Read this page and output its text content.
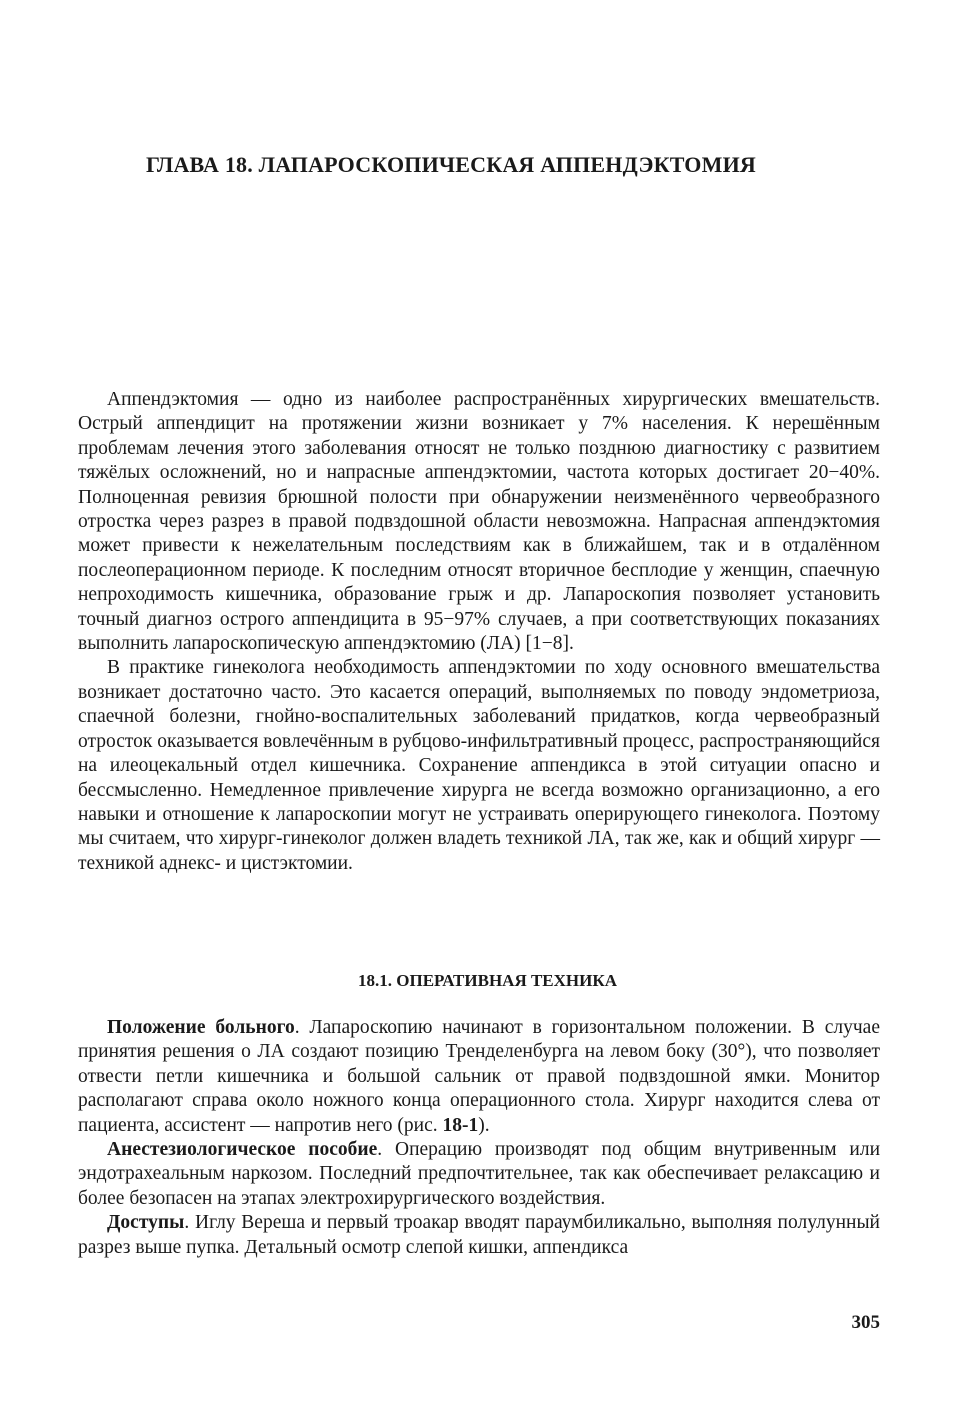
ГЛАВА 18. ЛАПАРОСКОПИЧЕСКАЯ АППЕНДЭКТОМИЯ

Аппендэктомия — одно из наиболее распространённых хирургических вмешательств. Острый аппендицит на протяжении жизни возникает у 7% населения. К нерешённым проблемам лечения этого заболевания относят не только позднюю диагностику с развитием тяжёлых осложнений, но и напрасные аппендэктомии, частота которых достигает 20−40%. Полноценная ревизия брюшной полости при обнаружении неизменённого червеобразного отростка через разрез в правой подвздошной области невозможна. Напрасная аппендэктомия может привести к нежелательным последствиям как в ближайшем, так и в отдалённом послеоперационном периоде. К последним относят вторичное бесплодие у женщин, спаечную непроходимость кишечника, образование грыж и др. Лапароскопия позволяет установить точный диагноз острого аппендицита в 95−97% случаев, а при соответствующих показаниях выполнить лапароскопическую аппендэктомию (ЛА) [1−8].

В практике гинеколога необходимость аппендэктомии по ходу основного вмешательства возникает достаточно часто. Это касается операций, выполняемых по поводу эндометриоза, спаечной болезни, гнойно-воспалительных заболеваний придатков, когда червеобразный отросток оказывается вовлечённым в рубцово-инфильтративный процесс, распространяющийся на илеоцекальный отдел кишечника. Сохранение аппендикса в этой ситуации опасно и бессмысленно. Немедленное привлечение хирурга не всегда возможно организационно, а его навыки и отношение к лапароскопии могут не устраивать оперирующего гинеколога. Поэтому мы считаем, что хирург-гинеколог должен владеть техникой ЛА, так же, как и общий хирург — техникой аднекс- и цистэктомии.

18.1. ОПЕРАТИВНАЯ ТЕХНИКА

Положение больного. Лапароскопию начинают в горизонтальном положении. В случае принятия решения о ЛА создают позицию Тренделенбурга на левом боку (30°), что позволяет отвести петли кишечника и большой сальник от правой подвздошной ямки. Монитор располагают справа около ножного конца операционного стола. Хирург находится слева от пациента, ассистент — напротив него (рис. 18-1).

Анестезиологическое пособие. Операцию производят под общим внутривенным или эндотрахеальным наркозом. Последний предпочтительнее, так как обеспечивает релаксацию и более безопасен на этапах электрохирургического воздействия.

Доступы. Иглу Вереша и первый троакар вводят параумбиликально, выполняя полулунный разрез выше пупка. Детальный осмотр слепой кишки, аппендикса

305
